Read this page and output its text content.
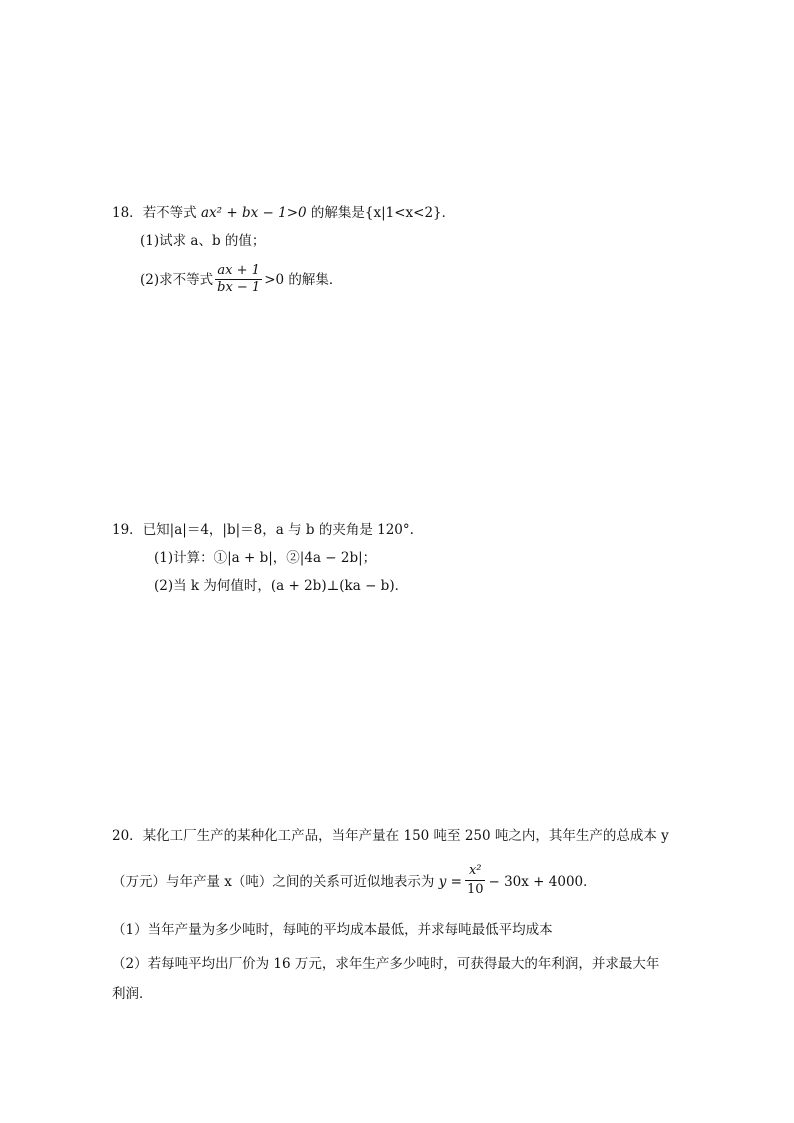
18．若不等式 ax² + bx − 1>0 的解集是{x|1<x<2}．
(1)试求 a、b 的值；
(2)求不等式 $\frac{ax + 1}{bx - 1} >0$ 的解集．
19．已知|a|＝4，|b|＝8，a 与 b 的夹角是 120°.
(1)计算：①|a + b|，②|4a − 2b|；
(2)当 k 为何值时，(a + 2b)⊥(ka − b)．
20．某化工厂生产的某种化工产品，当年产量在 150 吨至 250 吨之内，其年生产的总成本 y
（万元）与年产量 x（吨）之间的关系可近似地表示为 $y = \frac{\text{x²}}{10} - 30x + 4000$．
（1）当年产量为多少吨时，每吨的平均成本最低，并求每吨最低平均成本
（2）若每吨平均出厂价为 16 万元，求年生产多少吨时，可获得最大的年利润，并求最大年
利润．
